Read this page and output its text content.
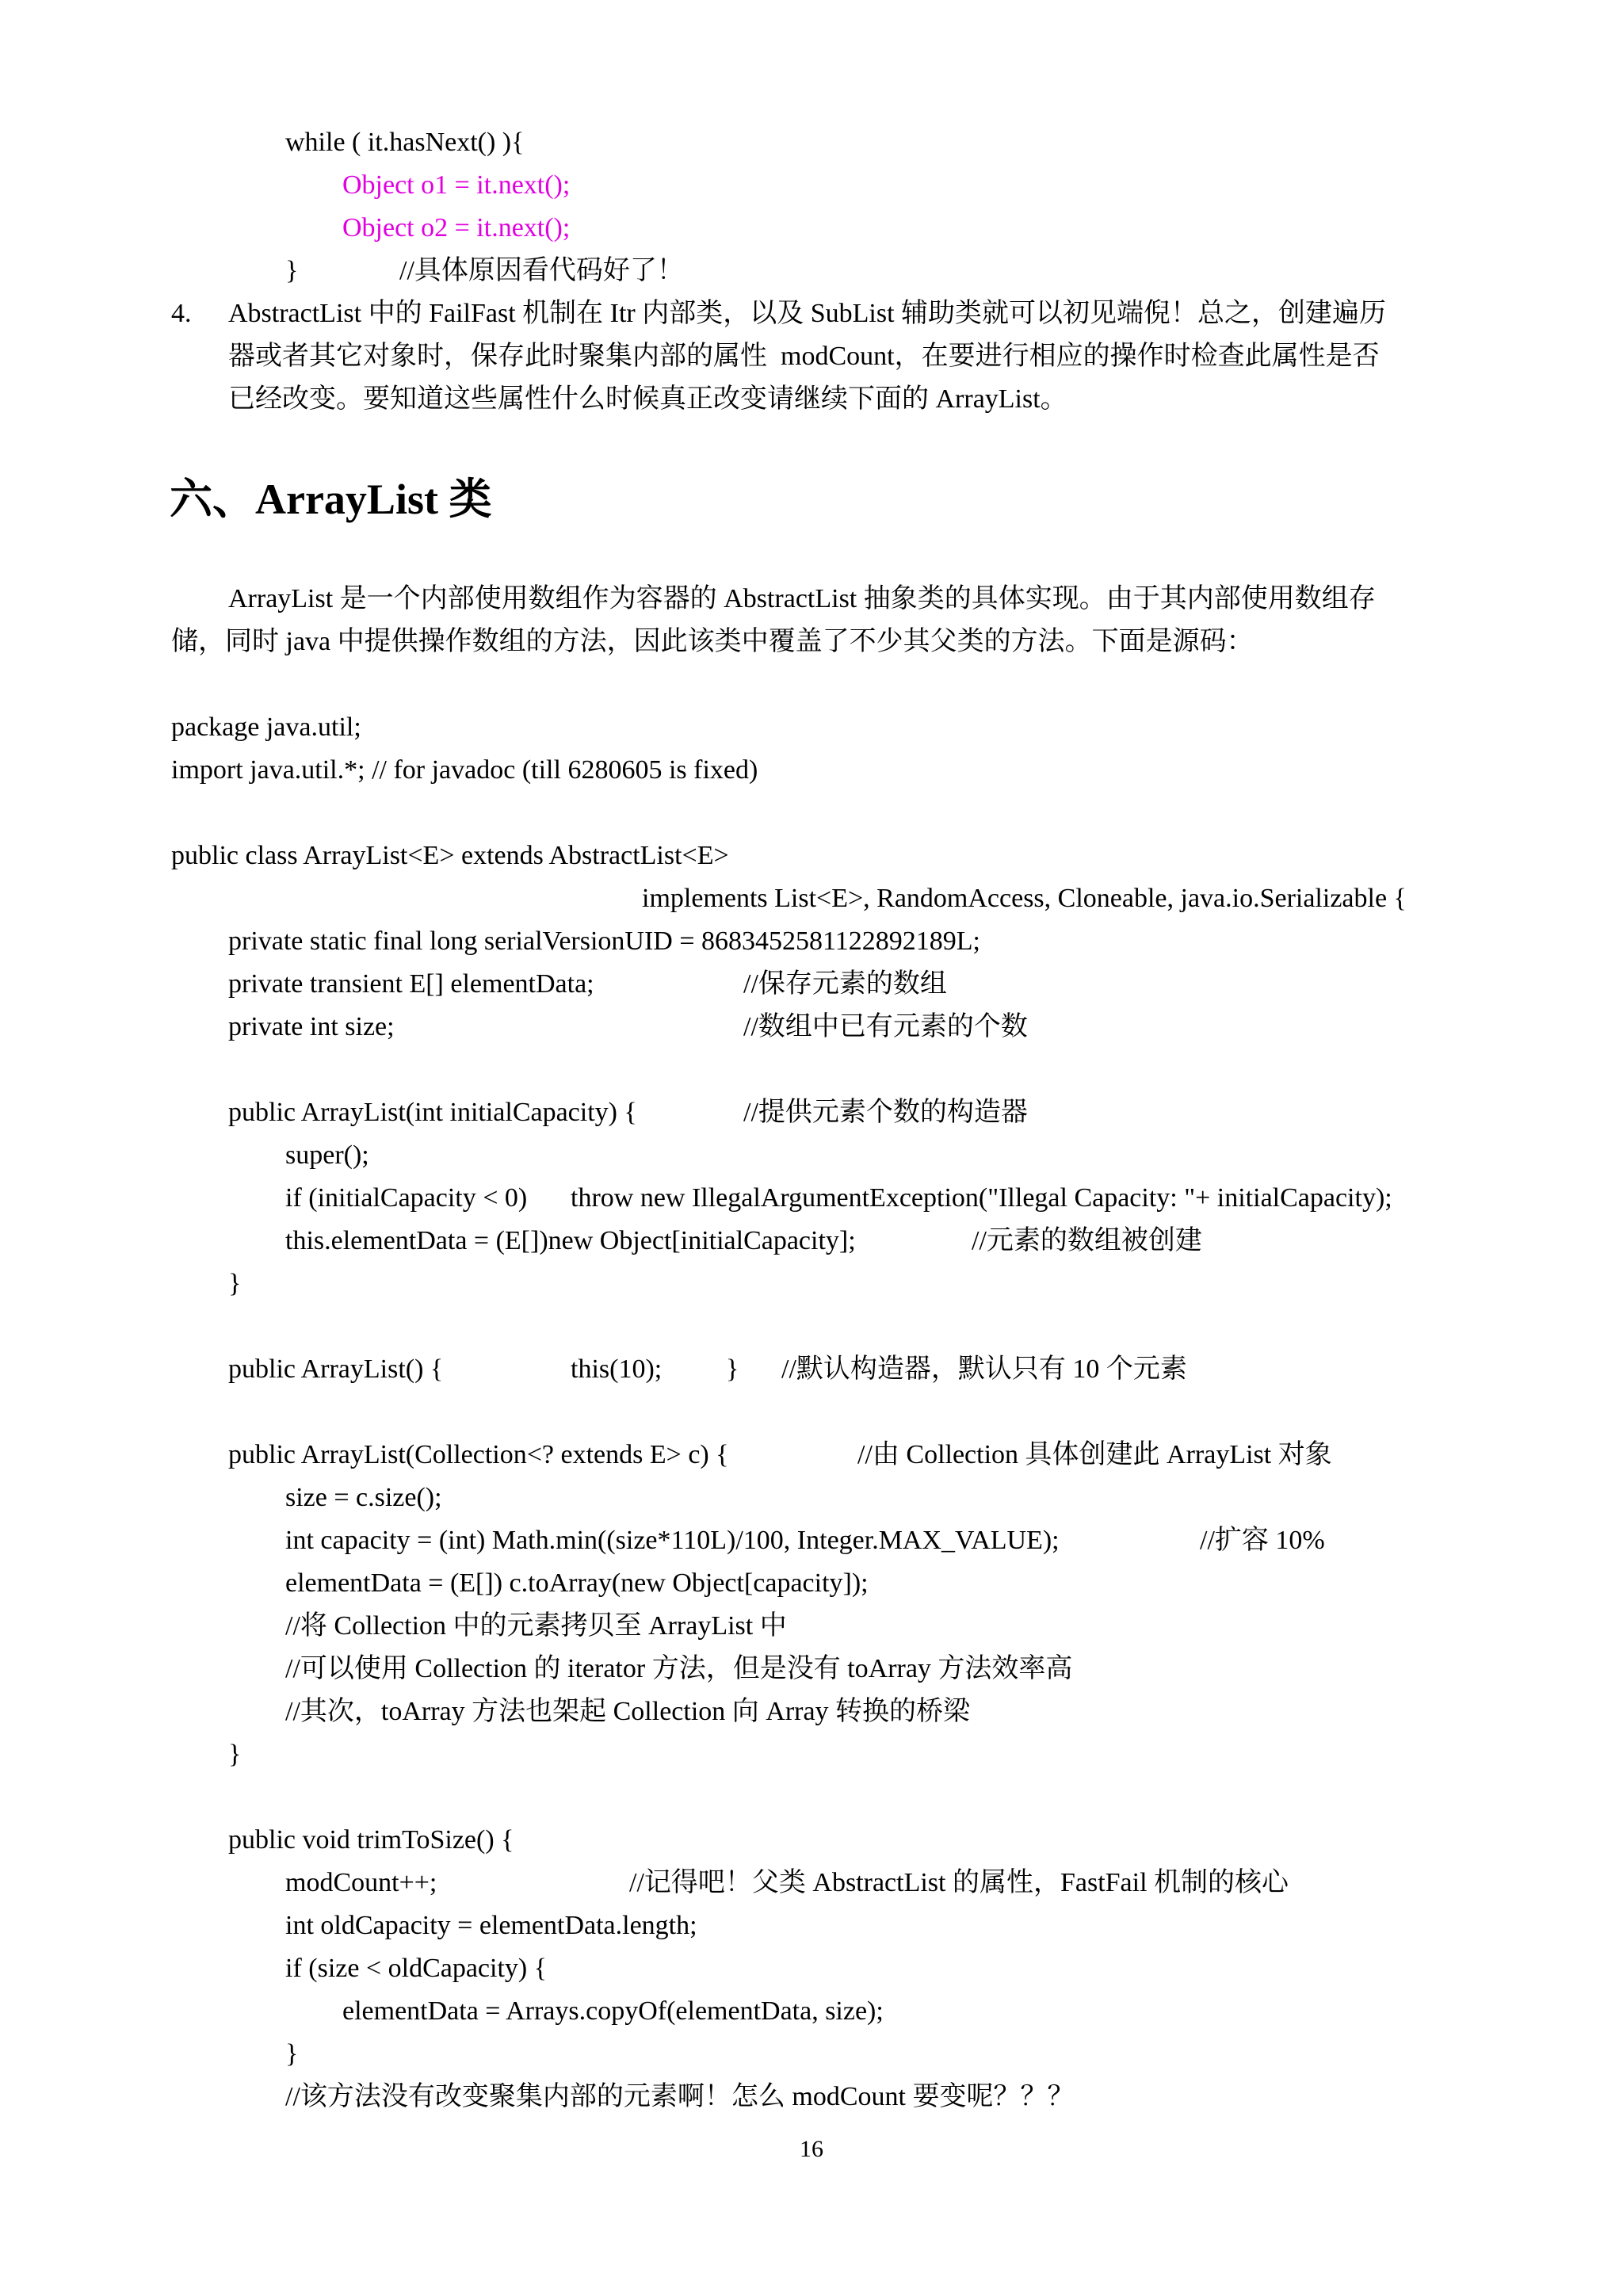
while ( it.hasNext() ){
Object o1 = it.next();
Object o2 = it.next();
}	//具体原因看代码好了！
4. AbstractList 中的 FailFast 机制在 Itr 内部类，以及 SubList 辅助类就可以初见端倪！总之，创建遍历
器或者其它对象时，保存此时聚集内部的属性  modCount，在要进行相应的操作时检查此属性是否
已经改变。要知道这些属性什么时候真正改变请继续下面的 ArrayList。
六、ArrayList 类
ArrayList 是一个内部使用数组作为容器的 AbstractList 抽象类的具体实现。由于其内部使用数组存
储，同时 java 中提供操作数组的方法，因此该类中覆盖了不少其父类的方法。下面是源码：
package java.util;
import java.util.*; // for javadoc (till 6280605 is fixed)
public class ArrayList<E> extends AbstractList<E>
implements List<E>, RandomAccess, Cloneable, java.io.Serializable {
private static final long serialVersionUID = 8683452581122892189L;
private transient E[] elementData;	//保存元素的数组
private int size;	//数组中已有元素的个数
public ArrayList(int initialCapacity) {	//提供元素个数的构造器
super();
if (initialCapacity < 0) throw new IllegalArgumentException("Illegal Capacity: "+ initialCapacity);
this.elementData = (E[])new Object[initialCapacity];	//元素的数组被创建
}
public ArrayList() {	this(10); } //默认构造器，默认只有 10 个元素
public ArrayList(Collection<? extends E> c) {	//由 Collection 具体创建此 ArrayList 对象
size = c.size();
int capacity = (int) Math.min((size*110L)/100, Integer.MAX_VALUE);	//扩容 10%
elementData = (E[]) c.toArray(new Object[capacity]);
//将 Collection 中的元素拷贝至 ArrayList 中
//可以使用 Collection 的 iterator 方法，但是没有 toArray 方法效率高
//其次，toArray 方法也架起 Collection 向 Array 转换的桥梁
}
public void trimToSize() {
modCount++;	//记得吧！父类 AbstractList 的属性，FastFail 机制的核心
int oldCapacity = elementData.length;
if (size < oldCapacity) {
elementData = Arrays.copyOf(elementData, size);
}
//该方法没有改变聚集内部的元素啊！怎么 modCount 要变呢？？？
16
